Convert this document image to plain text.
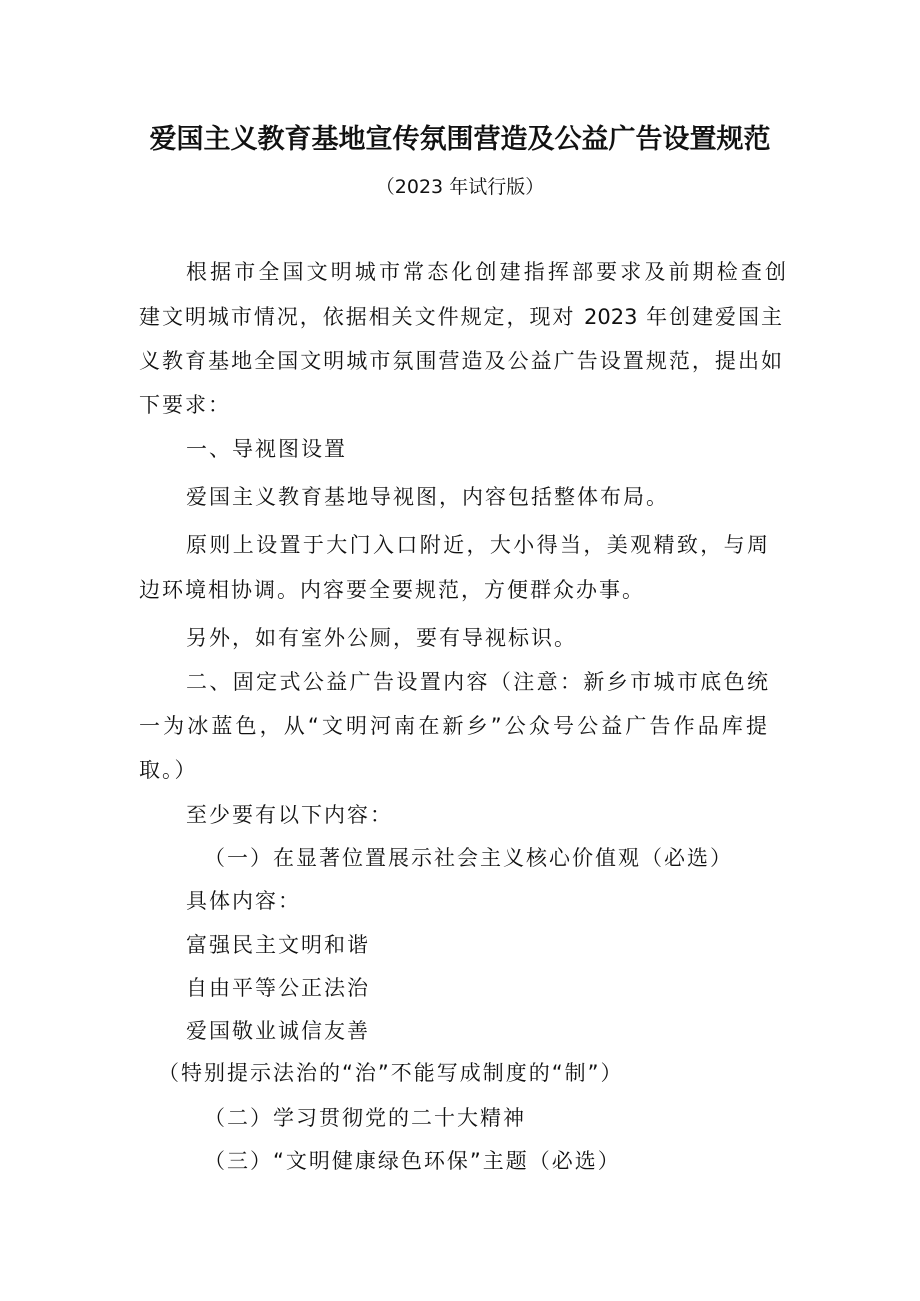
爱国主义教育基地宣传氛围营造及公益广告设置规范
（2023 年试行版）
根据市全国文明城市常态化创建指挥部要求及前期检查创
建文明城市情况，依据相关文件规定，现对 2023 年创建爱国主
义教育基地全国文明城市氛围营造及公益广告设置规范，提出如
下要求：
一、导视图设置
爱国主义教育基地导视图，内容包括整体布局。
原则上设置于大门入口附近，大小得当，美观精致，与周
边环境相协调。内容要全要规范，方便群众办事。
另外，如有室外公厕，要有导视标识。
二、固定式公益广告设置内容（注意：新乡市城市底色统
一为冰蓝色，从“文明河南在新乡”公众号公益广告作品库提
取。）
至少要有以下内容：
（一）在显著位置展示社会主义核心价值观（必选）
具体内容：
富强民主文明和谐
自由平等公正法治
爱国敬业诚信友善
（特别提示法治的“治”不能写成制度的“制”）
（二）学习贯彻党的二十大精神
（三）“文明健康绿色环保”主题（必选）
